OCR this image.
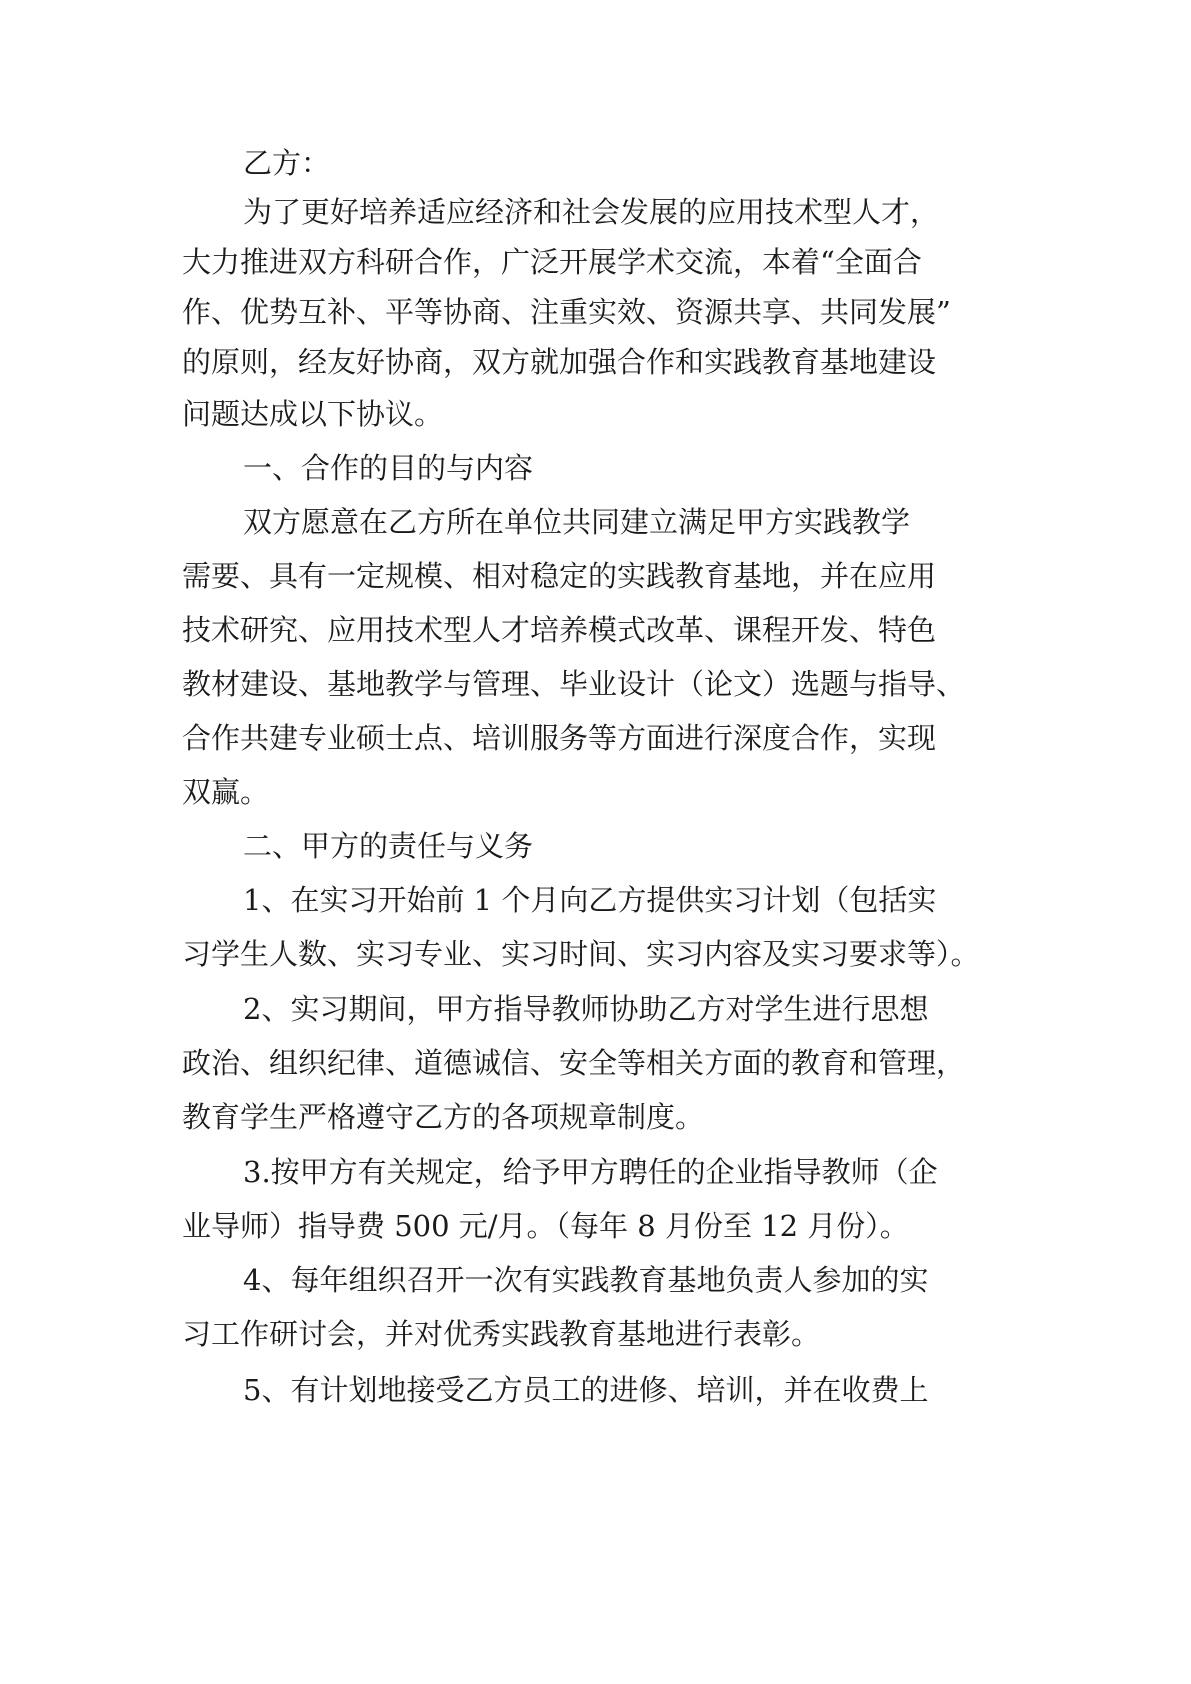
乙方：

为了更好培养适应经济和社会发展的应用技术型人才，

大力推进双方科研合作，广泛开展学术交流，本着“全面合

作、优势互补、平等协商、注重实效、资源共享、共同发展”

的原则，经友好协商，双方就加强合作和实践教育基地建设

问题达成以下协议。

一、合作的目的与内容

双方愿意在乙方所在单位共同建立满足甲方实践教学

需要、具有一定规模、相对稳定的实践教育基地，并在应用

技术研究、应用技术型人才培养模式改革、课程开发、特色

教材建设、基地教学与管理、毕业设计（论文）选题与指导、

合作共建专业硕士点、培训服务等方面进行深度合作，实现

双赢。

二、甲方的责任与义务

1、在实习开始前 1 个月向乙方提供实习计划（包括实

习学生人数、实习专业、实习时间、实习内容及实习要求等）。

2、实习期间，甲方指导教师协助乙方对学生进行思想

政治、组织纪律、道德诚信、安全等相关方面的教育和管理，

教育学生严格遵守乙方的各项规章制度。

3.按甲方有关规定，给予甲方聘任的企业指导教师（企

业导师）指导费 500 元/月。（每年 8 月份至 12 月份）。

4、每年组织召开一次有实践教育基地负责人参加的实

习工作研讨会，并对优秀实践教育基地进行表彰。

5、有计划地接受乙方员工的进修、培训，并在收费上
